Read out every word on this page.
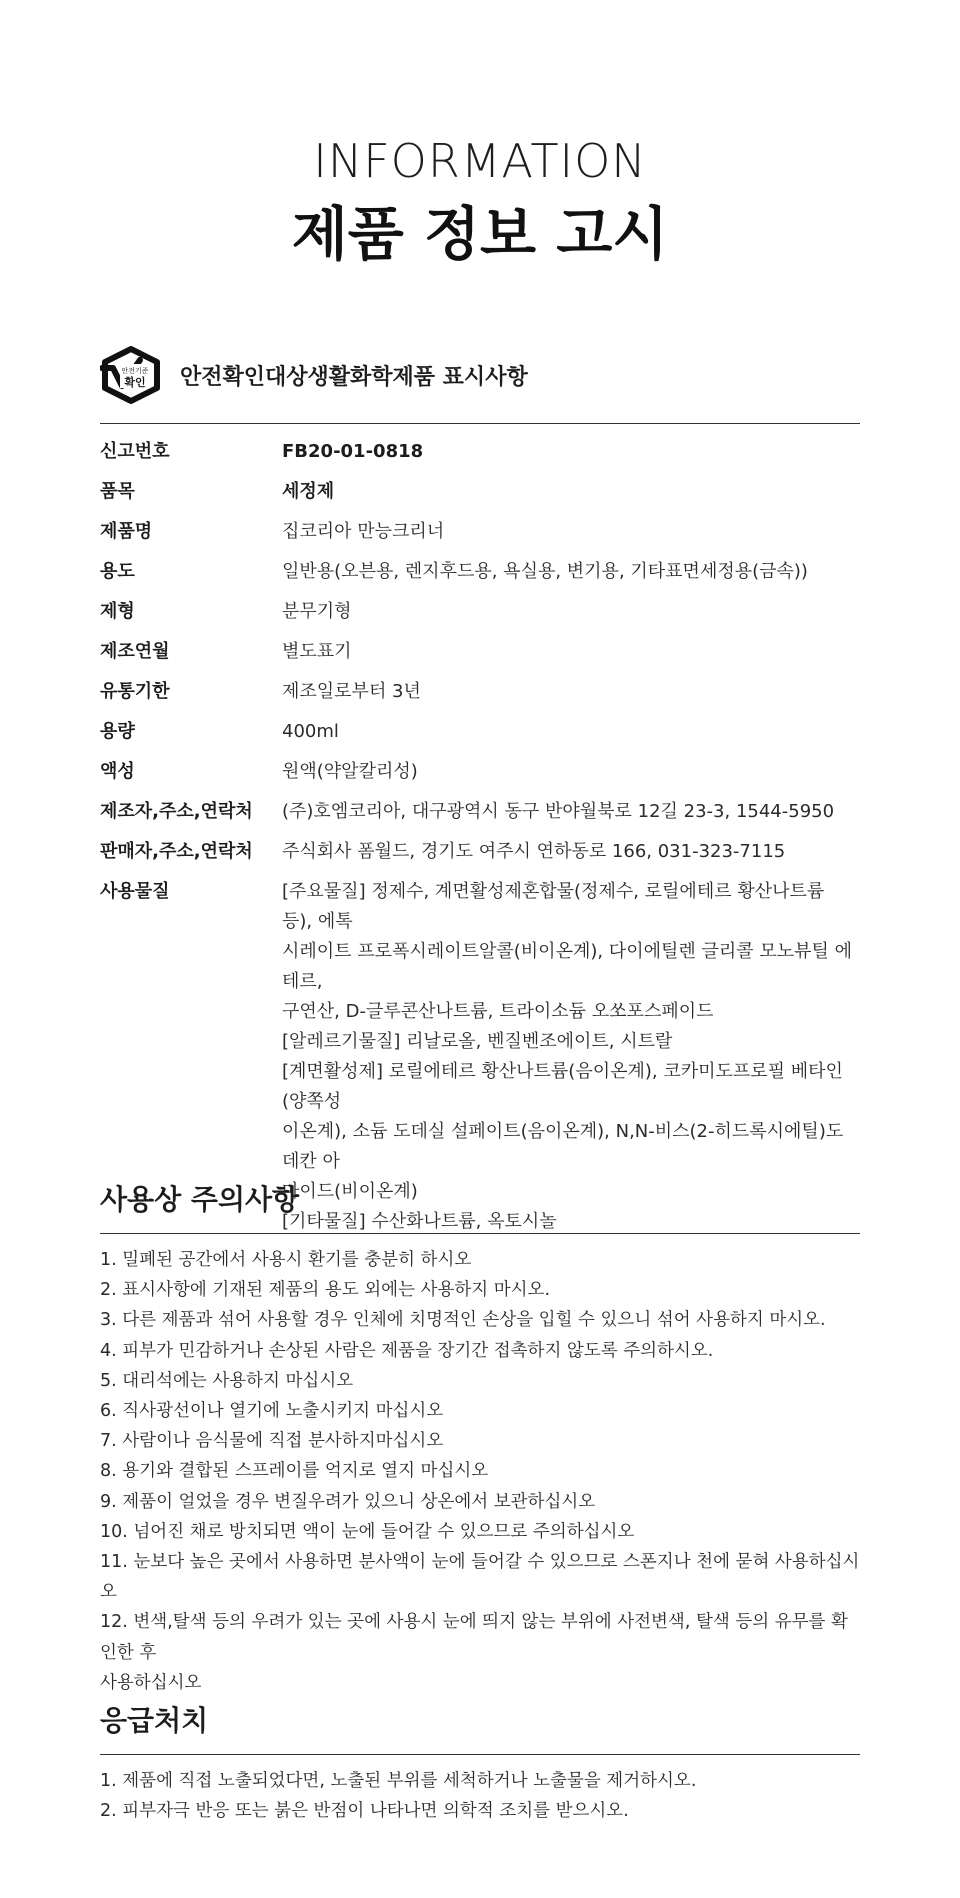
INFORMATION
제품 정보 고시
안전기준
확인 안전확인대상생활화학제품 표시사항
신고번호	FB20-01-0818
품목	세정제
제품명	집코리아 만능크리너
용도	일반용(오븐용, 렌지후드용, 욕실용, 변기용, 기타표면세정용(금속))
제형	분무기형
제조연월	별도표기
유통기한	제조일로부터 3년
용량	400ml
액성	원액(약알칼리성)
제조자,주소,연락처	(주)호엠코리아, 대구광역시 동구 반야월북로 12길 23-3, 1544-5950
판매자,주소,연락처	주식회사 폼월드, 경기도 여주시 연하동로 166, 031-323-7115
사용물질	[주요물질] 정제수, 계면활성제혼합물(정제수, 로릴에테르 황산나트륨 등), 에톡
시레이트 프로폭시레이트알콜(비이온계), 다이에틸렌 글리콜 모노뷰틸 에테르,
구연산, D-글루콘산나트륨, 트라이소듐 오쏘포스페이드
[알레르기물질] 리날로올, 벤질벤조에이트, 시트랄
[계면활성제] 로릴에테르 황산나트륨(음이온계), 코카미도프로필 베타인(양쪽성
이온계), 소듐 도데실 설페이트(음이온계), N,N-비스(2-히드록시에틸)도데칸 아
마이드(비이온계)
[기타물질] 수산화나트륨, 옥토시놀
사용상 주의사항
1. 밀폐된 공간에서 사용시 환기를 충분히 하시오
2. 표시사항에 기재된 제품의 용도 외에는 사용하지 마시오.
3. 다른 제품과 섞어 사용할 경우 인체에 치명적인 손상을 입힐 수 있으니 섞어 사용하지 마시오.
4. 피부가 민감하거나 손상된 사람은 제품을 장기간 접촉하지 않도록 주의하시오.
5. 대리석에는 사용하지 마십시오
6. 직사광선이나 열기에 노출시키지 마십시오
7. 사람이나 음식물에 직접 분사하지마십시오
8. 용기와 결합된 스프레이를 억지로 열지 마십시오
9. 제품이 얼었을 경우 변질우려가 있으니 상온에서 보관하십시오
10. 넘어진 채로 방치되면 액이 눈에 들어갈 수 있으므로 주의하십시오
11. 눈보다 높은 곳에서 사용하면 분사액이 눈에 들어갈 수 있으므로 스폰지나 천에 묻혀 사용하십시오
12. 변색,탈색 등의 우려가 있는 곳에 사용시 눈에 띄지 않는 부위에 사전변색, 탈색 등의 유무를 확인한 후
사용하십시오
응급처치
1. 제품에 직접 노출되었다면, 노출된 부위를 세척하거나 노출물을 제거하시오.
2. 피부자극 반응 또는 붉은 반점이 나타나면 의학적 조치를 받으시오.
